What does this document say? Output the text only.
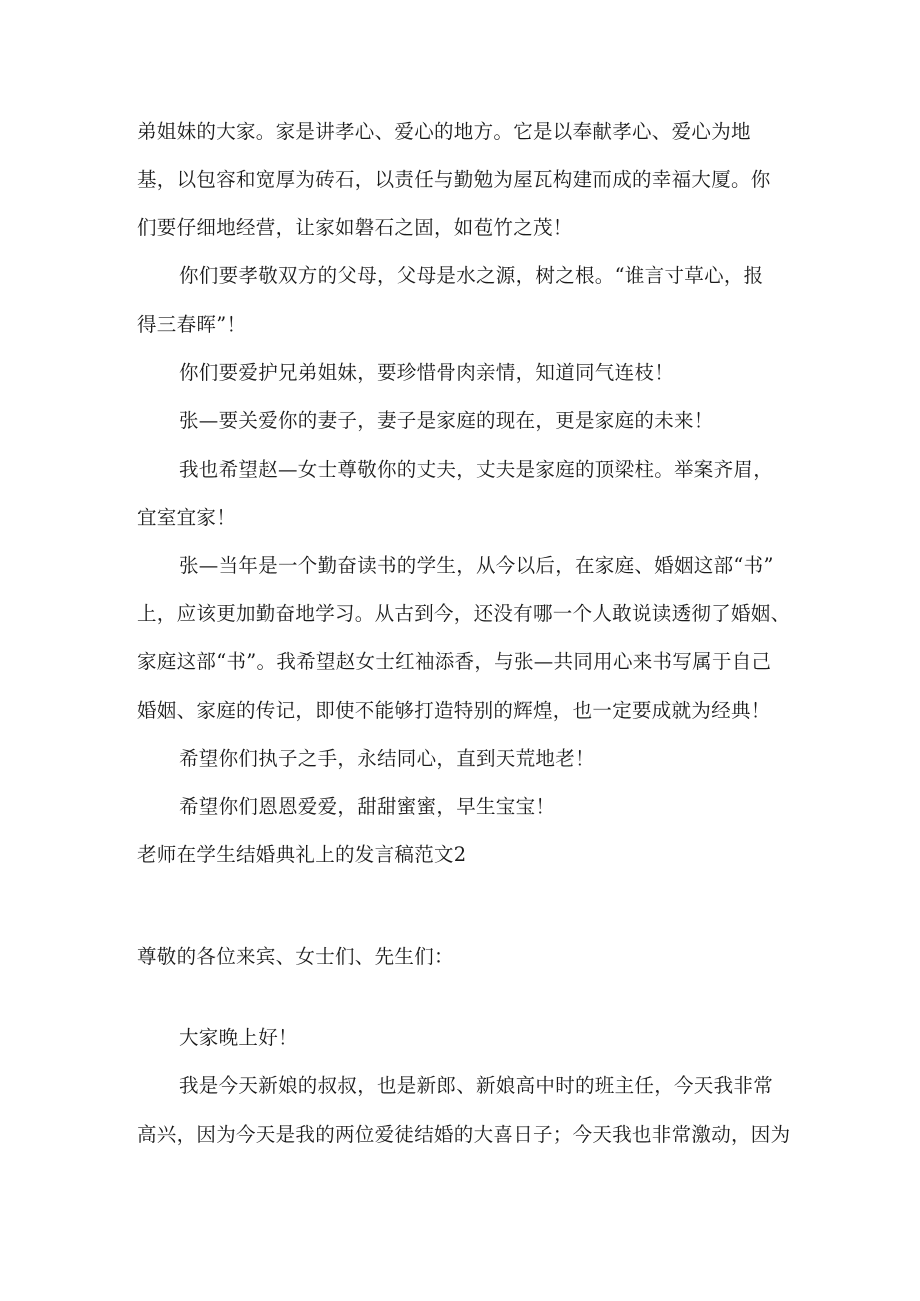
弟姐妹的大家。家是讲孝心、爱心的地方。它是以奉献孝心、爱心为地
基，以包容和宽厚为砖石，以责任与勤勉为屋瓦构建而成的幸福大厦。你
们要仔细地经营，让家如磐石之固，如苞竹之茂！
你们要孝敬双方的父母，父母是水之源，树之根。“谁言寸草心，报
得三春晖”！
你们要爱护兄弟姐妹，要珍惜骨肉亲情，知道同气连枝！
张—要关爱你的妻子，妻子是家庭的现在，更是家庭的未来！
我也希望赵—女士尊敬你的丈夫，丈夫是家庭的顶梁柱。举案齐眉，
宜室宜家！
张—当年是一个勤奋读书的学生，从今以后，在家庭、婚姻这部“书”
上，应该更加勤奋地学习。从古到今，还没有哪一个人敢说读透彻了婚姻、
家庭这部“书”。我希望赵女士红袖添香，与张—共同用心来书写属于自己
婚姻、家庭的传记，即使不能够打造特别的辉煌，也一定要成就为经典！
希望你们执子之手，永结同心，直到天荒地老！
希望你们恩恩爱爱，甜甜蜜蜜，早生宝宝！
老师在学生结婚典礼上的发言稿范文2
尊敬的各位来宾、女士们、先生们：
大家晚上好！
我是今天新娘的叔叔，也是新郎、新娘高中时的班主任，今天我非常
高兴，因为今天是我的两位爱徒结婚的大喜日子；今天我也非常激动，因为
